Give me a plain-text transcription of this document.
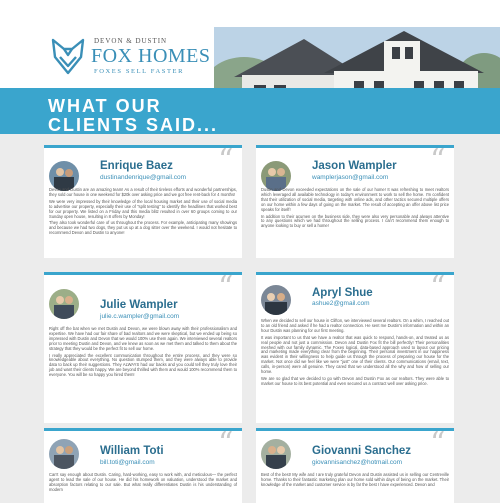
DEVON & DUSTIN
FOX HOMES
FOXES SELL FASTER
WHAT OUR
CLIENTS SAID...
“
Enrique Baez
dustinandenrique@gmail.com

Devon and Dustin are an amazing team! As a result of their tireless efforts and wonderful partnerships, they sold our house in one weekend for $20k over asking price and we got free rent-back for 4 months!

We were very impressed by their knowledge of the local housing market and their use of social media to advertise our property, especially their use of "split testing" to identify the headlines that worked best for our property. We listed on a Friday and this media blitz resulted in over 60 groups coming to our Sunday open house, resulting in 8 offers by Monday!

They also took wonderful care of us throughout the process. For example, anticipating many showings and because we had two dogs, they put us up at a dog sitter over the weekend. I would not hesitate to recommend Devon and Dustin to anyone!

“
Jason Wampler
wamplerjason@gmail.com

Dustin and Devon exceeded expectations on the sale of our home! It was refreshing to meet realtors which leveraged all available technology in today's environment to work to sell the home. I'm confident that their utilization of social media, targeting with online ads, and other tactics secured multiple offers on our home within a few days of going on the market. The result of accepting an offer above list price speaks for itself!

In addition to their acumen on the business side, they were also very personable and always attentive to any questions which we had throughout the selling process. I can't recommend them enough to anyone looking to buy or sell a home!

“
Julie Wampler
julie.c.wampler@gmail.com

Right off the bat when we met Dustin and Devon, we were blown away with their professionalism and expertise. We have had our fair share of bad realtors and we were skeptical, but we ended up being so impressed with Dustin and Devon that we would 100% use them again. We interviewed several realtors prior to meeting Dustin and Devon, and we knew as soon as we met them and talked to them about the strategy that they would be the perfect fit to sell our home.

I really appreciated the excellent communication throughout the entire process, and they were so knowledgeable about everything. No question stumped them, and they were always able to provide data to back up their suggestions. They ALWAYS had our backs and you could tell they truly love their job and want their clients happy. We are beyond thrilled with them and would 100% recommend them to everyone. You will be so happy you hired them!

“
Apryl Shue
ashue2@gmail.com

When we decided to sell our house in Clifton, we interviewed several realtors. On a whim, I reached out to an old friend and asked if he had a realtor connection. He sent me Dustin's information and within an hour Dustin was planning for our first meeting.

It was important to us that we have a realtor that was quick to respond, hands-on, and treated us as real people and not just a commission. Devon and Dustin Fox fit the bill perfectly! Their personalities meshed with our family dynamic. The Foxes logical, data-based approach used to layout our pricing and marketing made everything clear from the beginning. Their personal investment in our happiness was evident in their willingness to help guide us through the process of preparing our house for the market. Not once did we feel like we were "just" one of their clients. Our communications (email, text, calls, in-person) were all genuine. They cared that we understood all the why and how of selling our home.

We are so glad that we decided to go with Devon and Dustin Fox as our realtors. They were able to market our house to its best potential and even secured us a contract well over asking price.

“
William Toti
bill.toti@gmail.com

Can't say enough about Dustin. Caring, hard-working, easy to work with, and meticulous— the perfect agent to lead the sale of our house. He did his homework on valuation, understood the market and absorption factors relating to our sale. But what really differentiates Dustin is his understanding of modern

“
Giovanni Sanchez
giovannisanchez@hotmail.com

Best of the best! My wife and I are truly grateful Devon and Dustin assisted us in selling our Centreville home. Thanks to their fantastic marketing plan our home sold within days of being on the market. Their knowledge of the market and customer service is by far the best I have experienced. Devon and
